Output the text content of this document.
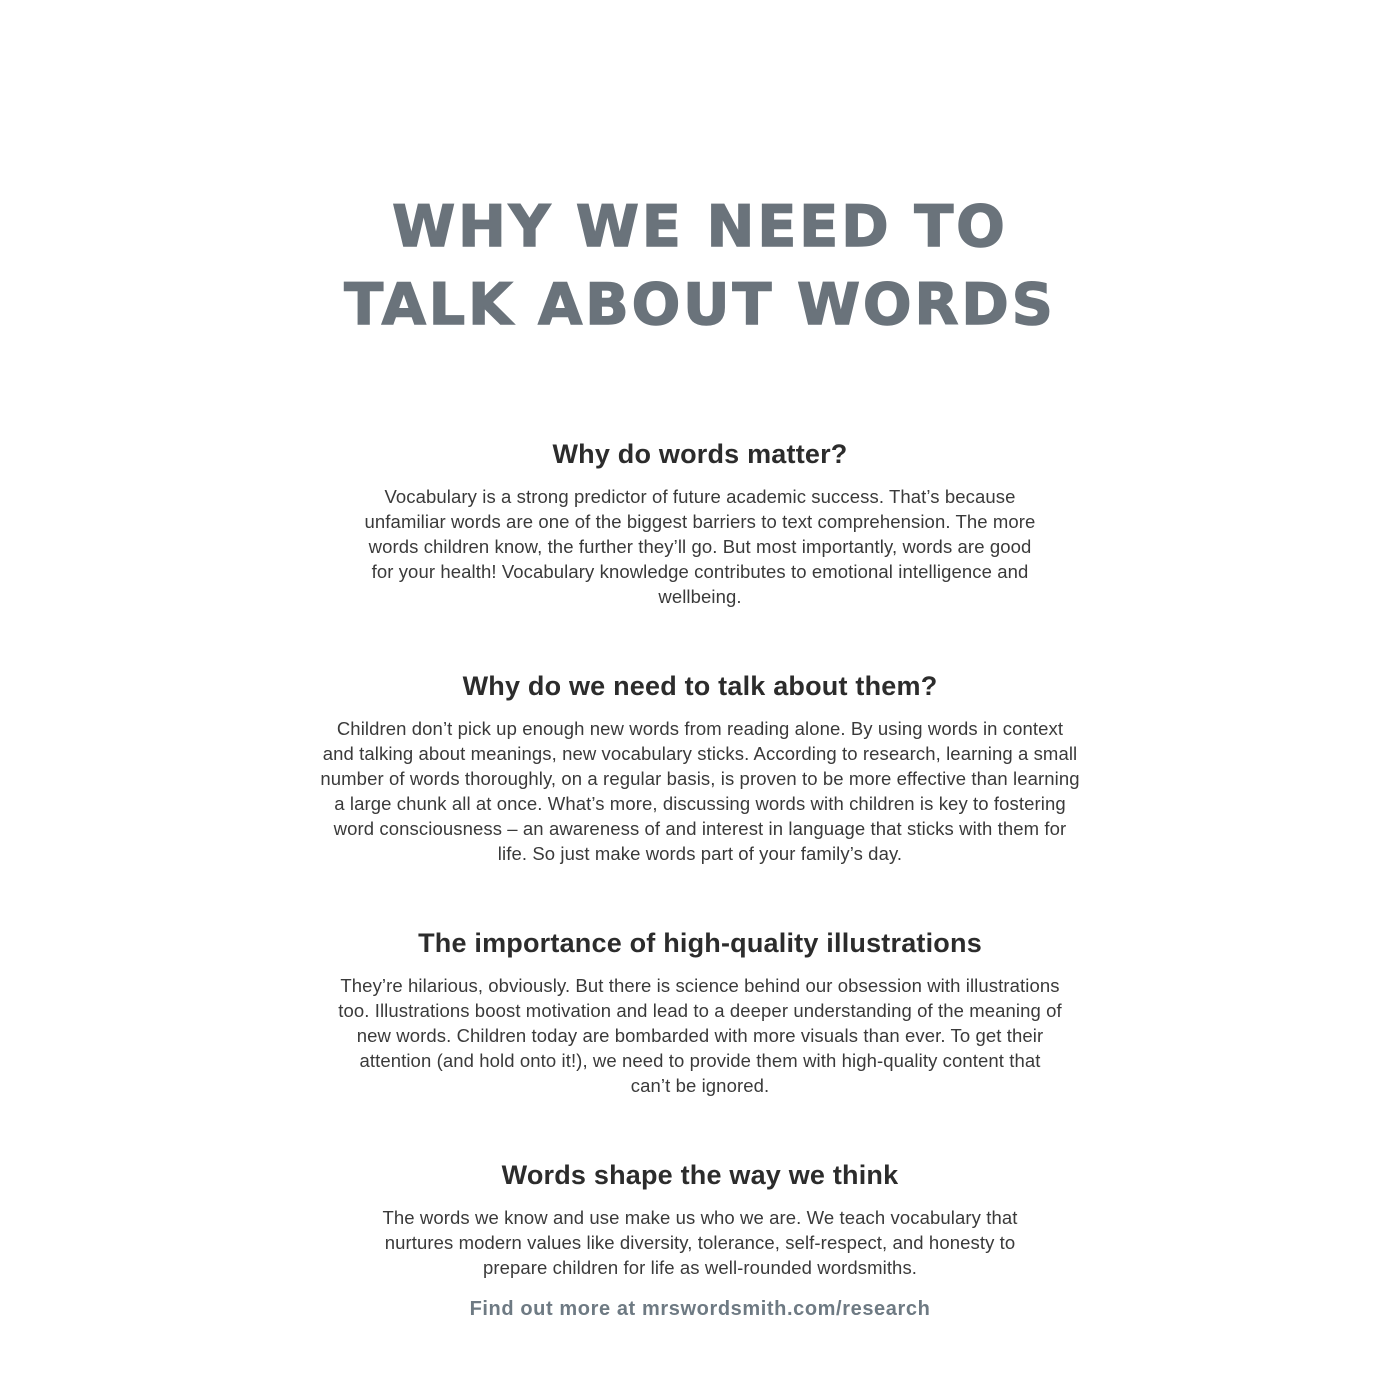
WHY WE NEED TO
TALK ABOUT WORDS
Why do words matter?

Vocabulary is a strong predictor of future academic success. That’s because unfamiliar words are one of the biggest barriers to text comprehension. The more words children know, the further they’ll go. But most importantly, words are good for your health! Vocabulary knowledge contributes to emotional intelligence and wellbeing.

Why do we need to talk about them?

Children don’t pick up enough new words from reading alone. By using words in context and talking about meanings, new vocabulary sticks. According to research, learning a small number of words thoroughly, on a regular basis, is proven to be more effective than learning a large chunk all at once. What’s more, discussing words with children is key to fostering word consciousness – an awareness of and interest in language that sticks with them for life. So just make words part of your family’s day.

The importance of high-quality illustrations

They’re hilarious, obviously. But there is science behind our obsession with illustrations too. Illustrations boost motivation and lead to a deeper understanding of the meaning of new words. Children today are bombarded with more visuals than ever. To get their attention (and hold onto it!), we need to provide them with high-quality content that can’t be ignored.

Words shape the way we think

The words we know and use make us who we are. We teach vocabulary that nurtures modern values like diversity, tolerance, self-respect, and honesty to prepare children for life as well-rounded wordsmiths.

Find out more at mrswordsmith.com/research
